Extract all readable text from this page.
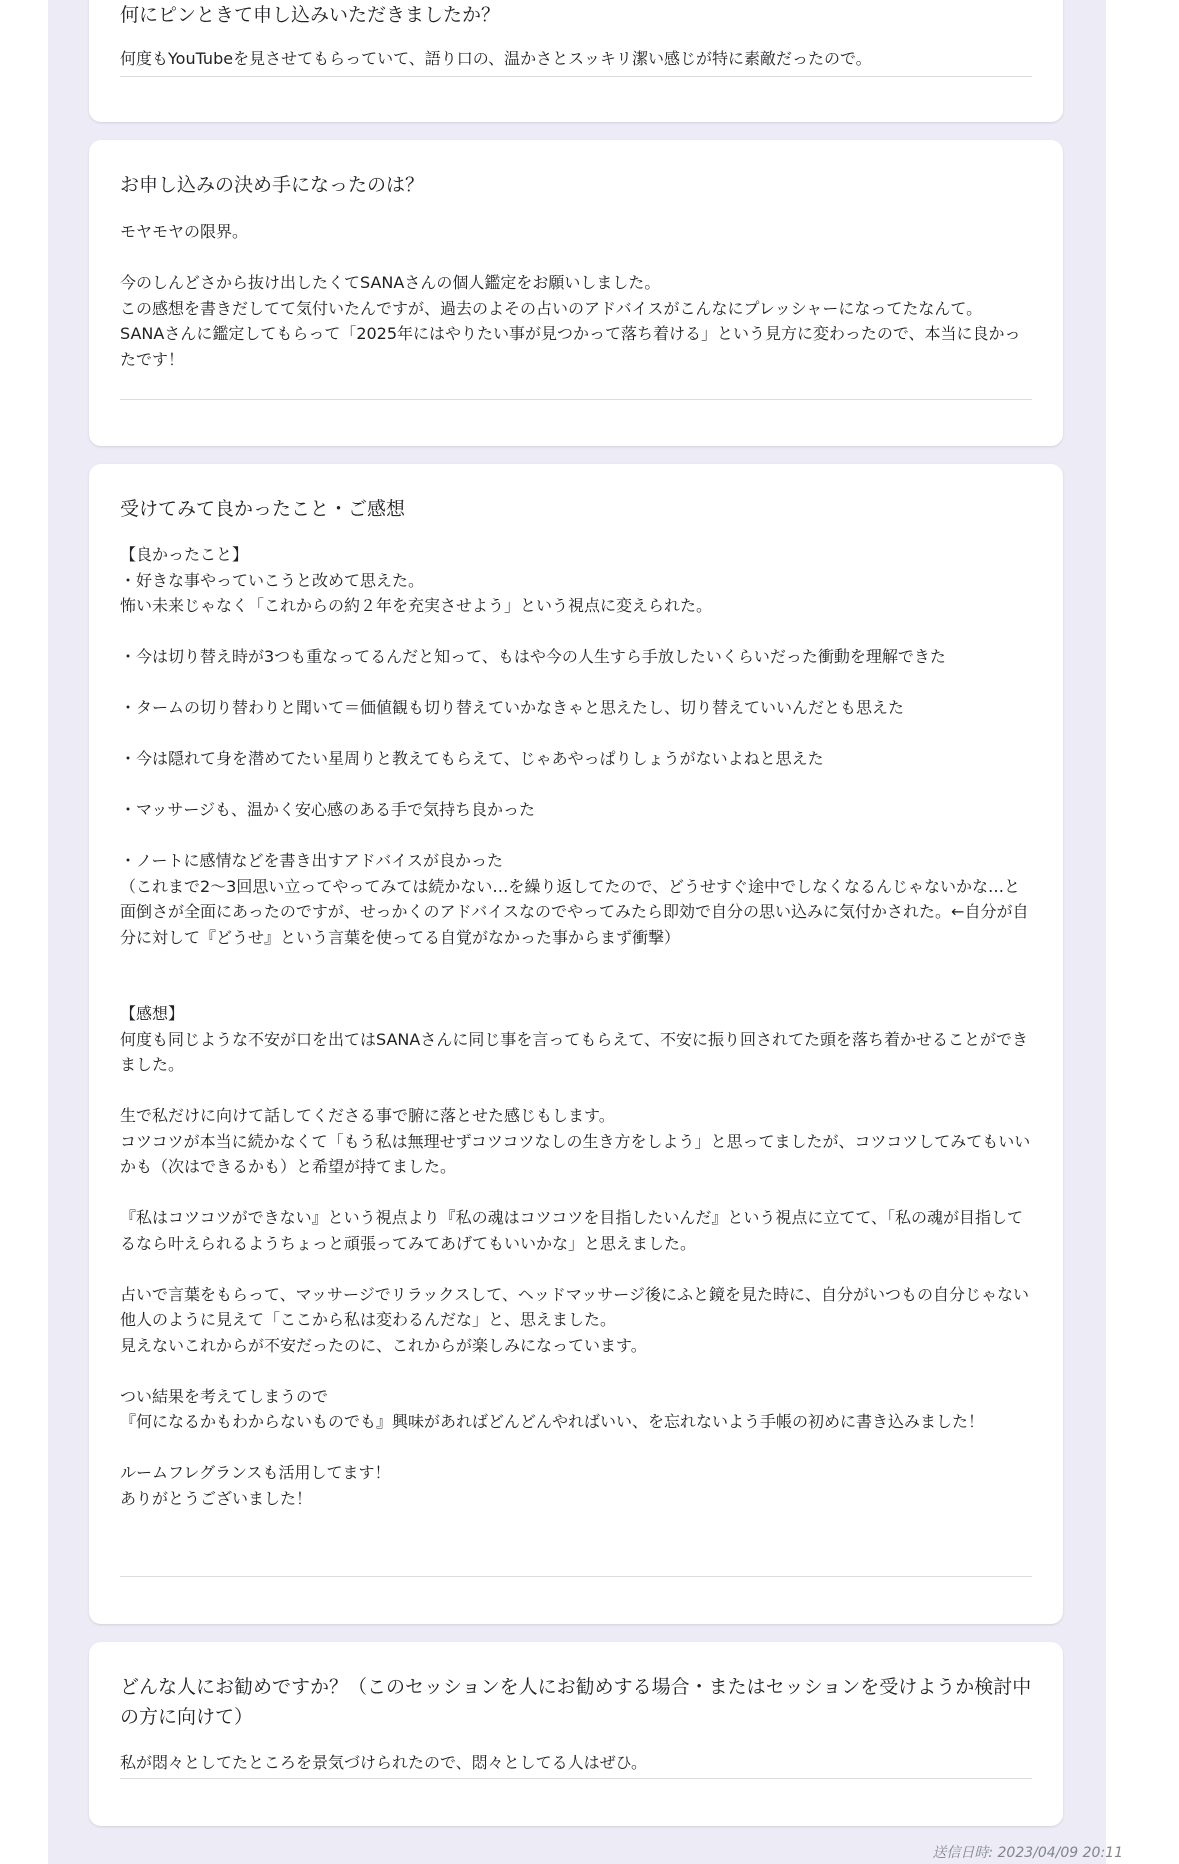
何にピンときて申し込みいただきましたか？
何度もYouTubeを見させてもらっていて、語り口の、温かさとスッキリ潔い感じが特に素敵だったので。
お申し込みの決め手になったのは？
モヤモヤの限界。

今のしんどさから抜け出したくてSANAさんの個人鑑定をお願いしました。
この感想を書きだしてて気付いたんですが、過去のよその占いのアドバイスがこんなにプレッシャーになってたなんて。
SANAさんに鑑定してもらって「2025年にはやりたい事が見つかって落ち着ける」という見方に変わったので、本当に良かったです！
受けてみて良かったこと・ご感想
【良かったこと】
・好きな事やっていこうと改めて思えた。
怖い未来じゃなく「これからの約２年を充実させよう」という視点に変えられた。

・今は切り替え時が3つも重なってるんだと知って、もはや今の人生すら手放したいくらいだった衝動を理解できた

・タームの切り替わりと聞いて＝価値観も切り替えていかなきゃと思えたし、切り替えていいんだとも思えた

・今は隠れて身を潜めてたい星周りと教えてもらえて、じゃあやっぱりしょうがないよねと思えた

・マッサージも、温かく安心感のある手で気持ち良かった

・ノートに感情などを書き出すアドバイスが良かった
（これまで2〜3回思い立ってやってみては続かない…を繰り返してたので、どうせすぐ途中でしなくなるんじゃないかな…と面倒さが全面にあったのですが、せっかくのアドバイスなのでやってみたら即効で自分の思い込みに気付かされた。←自分が自分に対して『どうせ』という言葉を使ってる自覚がなかった事からまず衝撃）

【感想】
何度も同じような不安が口を出てはSANAさんに同じ事を言ってもらえて、不安に振り回されてた頭を落ち着かせることができました。

生で私だけに向けて話してくださる事で腑に落とせた感じもします。
コツコツが本当に続かなくて「もう私は無理せずコツコツなしの生き方をしよう」と思ってましたが、コツコツしてみてもいいかも（次はできるかも）と希望が持てました。

『私はコツコツができない』という視点より『私の魂はコツコツを目指したいんだ』という視点に立てて、「私の魂が目指してるなら叶えられるようちょっと頑張ってみてあげてもいいかな」と思えました。

占いで言葉をもらって、マッサージでリラックスして、ヘッドマッサージ後にふと鏡を見た時に、自分がいつもの自分じゃない他人のように見えて「ここから私は変わるんだな」と、思えました。
見えないこれからが不安だったのに、これからが楽しみになっています。

つい結果を考えてしまうので
『何になるかもわからないものでも』興味があればどんどんやればいい、を忘れないよう手帳の初めに書き込みました！

ルームフレグランスも活用してます！
ありがとうございました！
どんな人にお勧めですか？（このセッションを人にお勧めする場合・またはセッションを受けようか検討中の方に向けて）
私が悶々としてたところを景気づけられたので、悶々としてる人はぜひ。
送信日時: 2023/04/09 20:11
